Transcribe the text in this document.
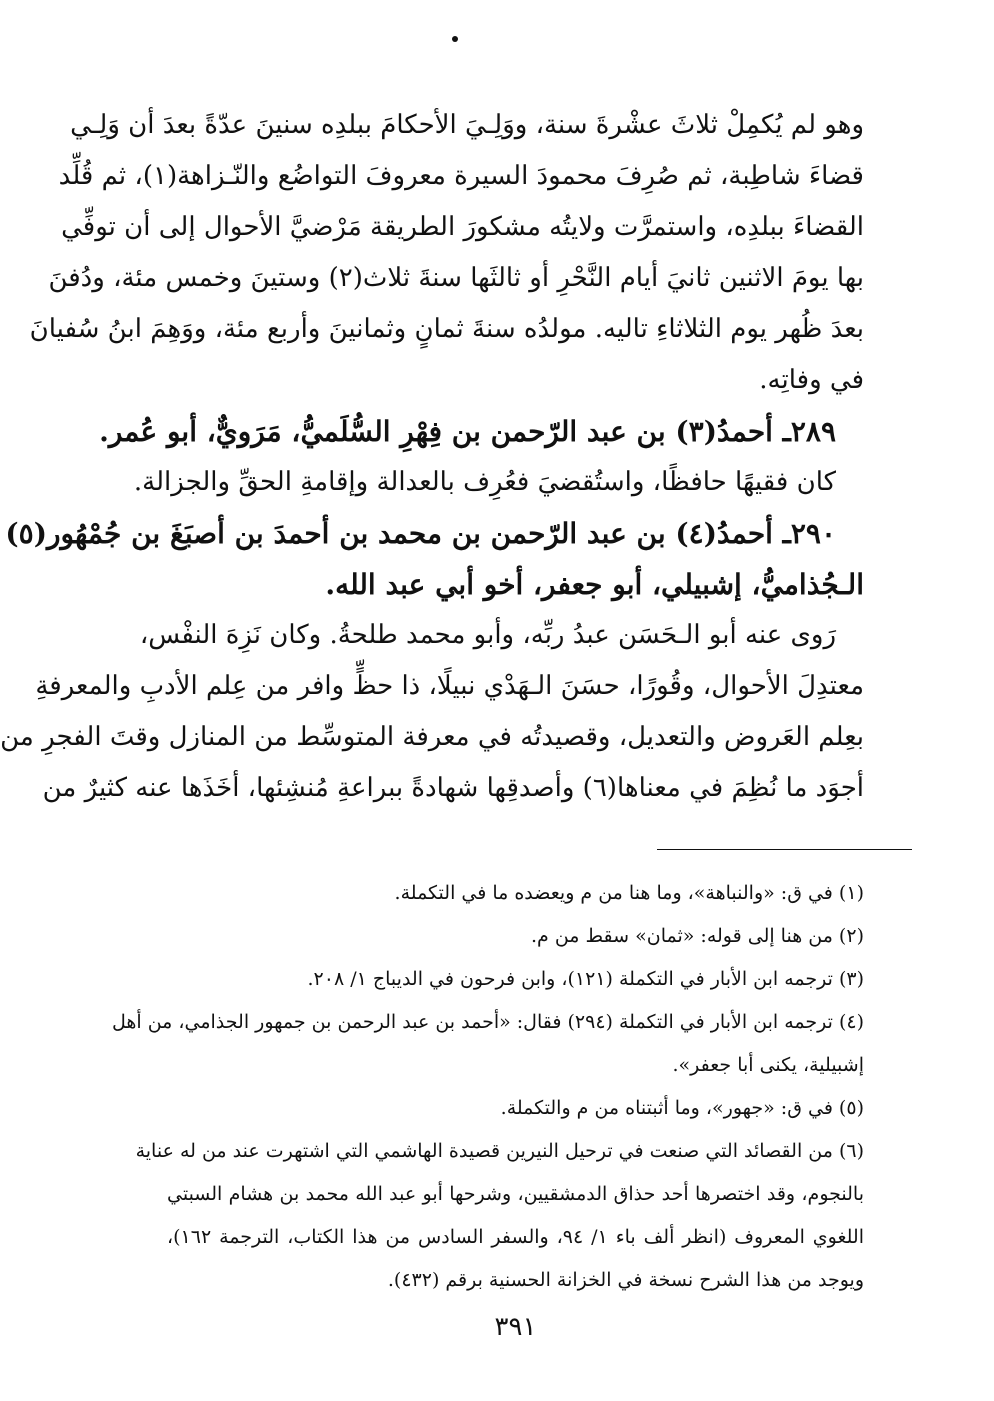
وهو لم يُكمِلْ ثلاثَ عشْرةَ سنة، ووَلِـيَ الأحكامَ ببلدِه سنينَ عدّةً بعدَ أن وَلِـي
قضاءَ شاطِبة، ثم صُرِفَ محمودَ السيرة معروفَ التواضُع والنّـزاهة(١)، ثم قُلِّد
القضاءَ ببلدِه، واستمرَّت ولايتُه مشكورَ الطريقة مَرْضيَّ الأحوال إلى أن توفِّي
بها يومَ الاثنين ثانيَ أيام النَّحْرِ أو ثالثَها سنةَ ثلاث(٢) وستينَ وخمس مئة، ودُفنَ
بعدَ ظُهر يوم الثلاثاءِ تاليه. مولدُه سنةَ ثمانٍ وثمانينَ وأربع مئة، ووَهِمَ ابنُ سُفيانَ
في وفاتِه.
٢٨٩ـ أحمدُ(٣) بن عبد الرّحمن بن فِهْرِ السُّلَميُّ، مَرَويٌّ، أبو عُمر.
كان فقيهًا حافظًا، واستُقضيَ فعُرِف بالعدالة وإقامةِ الحقِّ والجزالة.
٢٩٠ـ أحمدُ(٤) بن عبد الرّحمن بن محمد بن أحمدَ بن أصبَغَ بن جُمْهُور(٥)
الـجُذاميُّ، إشبيلي، أبو جعفر، أخو أبي عبد الله.
رَوى عنه أبو الـحَسَن عبدُ ربِّه، وأبو محمد طلحةُ. وكان نَزِهَ النفْس،
معتدِلَ الأحوال، وقُورًا، حسَنَ الـهَدْي نبيلًا، ذا حظٍّ وافر من عِلم الأدبِ والمعرفةِ
بعِلم العَروض والتعديل، وقصيدتُه في معرفة المتوسِّط من المنازل وقتَ الفجرِ من
أجوَد ما نُظِمَ في معناها(٦) وأصدقِها شهادةً ببراعةِ مُنشِئها، أخَذَها عنه كثيرٌ من
(١) في ق: «والنباهة»، وما هنا من م ويعضده ما في التكملة.
(٢) من هنا إلى قوله: «ثمان» سقط من م.
(٣) ترجمه ابن الأبار في التكملة (١٢١)، وابن فرحون في الديباج ١/ ٢٠٨.
(٤) ترجمه ابن الأبار في التكملة (٢٩٤) فقال: «أحمد بن عبد الرحمن بن جمهور الجذامي، من أهل
إشبيلية، يكنى أبا جعفر».
(٥) في ق: «جهور»، وما أثبتناه من م والتكملة.
(٦) من القصائد التي صنعت في ترحيل النيرين قصيدة الهاشمي التي اشتهرت عند من له عناية
بالنجوم، وقد اختصرها أحد حذاق الدمشقيين، وشرحها أبو عبد الله محمد بن هشام السبتي
اللغوي المعروف (انظر ألف باء ١/ ٩٤، والسفر السادس من هذا الكتاب، الترجمة ١٦٢)،
ويوجد من هذا الشرح نسخة في الخزانة الحسنية برقم (٤٣٢).
٣٩١
